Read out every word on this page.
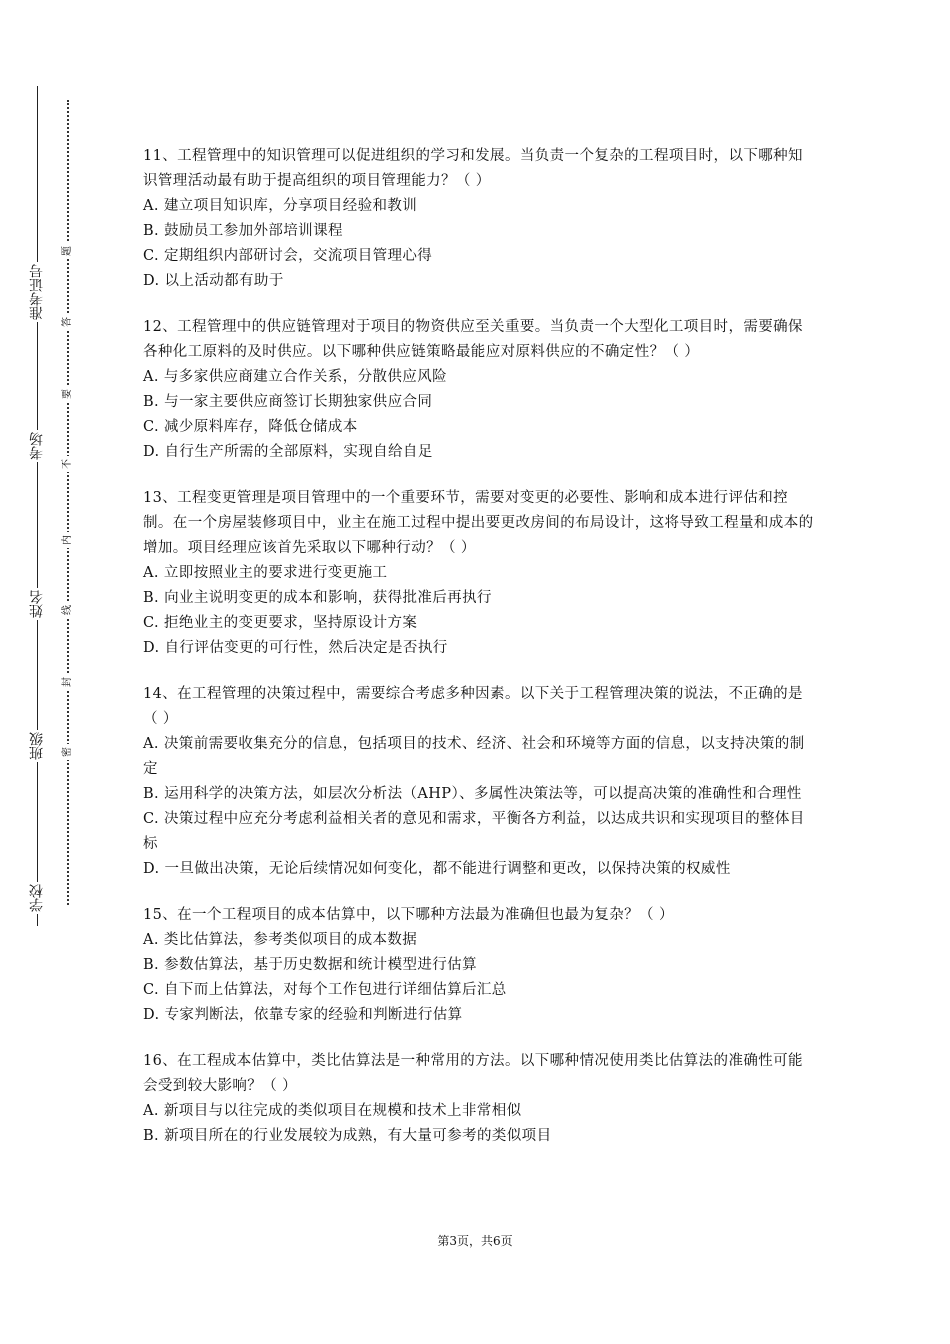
准考证号
考场
姓名
班级
学校
题
答
要
不
内
线
封
密
11、工程管理中的知识管理可以促进组织的学习和发展。当负责一个复杂的工程项目时，以下哪种知识管理活动最有助于提高组织的项目管理能力？（ ）
A. 建立项目知识库，分享项目经验和教训
B. 鼓励员工参加外部培训课程
C. 定期组织内部研讨会，交流项目管理心得
D. 以上活动都有助于
12、工程管理中的供应链管理对于项目的物资供应至关重要。当负责一个大型化工项目时，需要确保各种化工原料的及时供应。以下哪种供应链策略最能应对原料供应的不确定性？（ ）
A. 与多家供应商建立合作关系，分散供应风险
B. 与一家主要供应商签订长期独家供应合同
C. 减少原料库存，降低仓储成本
D. 自行生产所需的全部原料，实现自给自足
13、工程变更管理是项目管理中的一个重要环节，需要对变更的必要性、影响和成本进行评估和控制。在一个房屋装修项目中，业主在施工过程中提出要更改房间的布局设计，这将导致工程量和成本的增加。项目经理应该首先采取以下哪种行动？（ ）
A. 立即按照业主的要求进行变更施工
B. 向业主说明变更的成本和影响，获得批准后再执行
C. 拒绝业主的变更要求，坚持原设计方案
D. 自行评估变更的可行性，然后决定是否执行
14、在工程管理的决策过程中，需要综合考虑多种因素。以下关于工程管理决策的说法，不正确的是（ ）
A. 决策前需要收集充分的信息，包括项目的技术、经济、社会和环境等方面的信息，以支持决策的制定
B. 运用科学的决策方法，如层次分析法（AHP）、多属性决策法等，可以提高决策的准确性和合理性
C. 决策过程中应充分考虑利益相关者的意见和需求，平衡各方利益，以达成共识和实现项目的整体目标
D. 一旦做出决策，无论后续情况如何变化，都不能进行调整和更改，以保持决策的权威性
15、在一个工程项目的成本估算中，以下哪种方法最为准确但也最为复杂？（ ）
A. 类比估算法，参考类似项目的成本数据
B. 参数估算法，基于历史数据和统计模型进行估算
C. 自下而上估算法，对每个工作包进行详细估算后汇总
D. 专家判断法，依靠专家的经验和判断进行估算
16、在工程成本估算中，类比估算法是一种常用的方法。以下哪种情况使用类比估算法的准确性可能会受到较大影响？（ ）
A. 新项目与以往完成的类似项目在规模和技术上非常相似
B. 新项目所在的行业发展较为成熟，有大量可参考的类似项目
第3页，共6页
